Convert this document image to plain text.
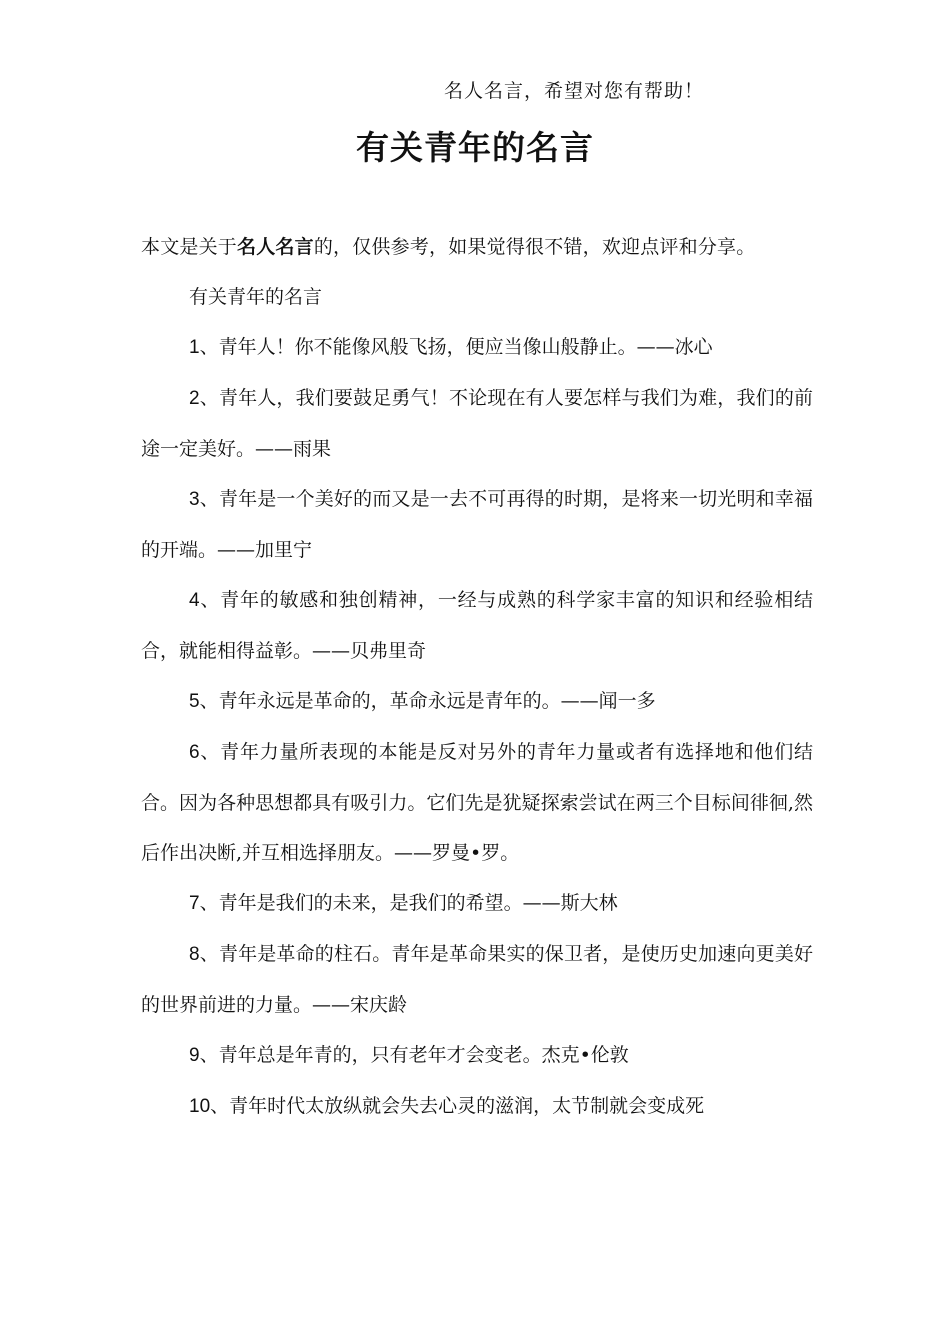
名人名言，希望对您有帮助！
有关青年的名言

本文是关于名人名言的，仅供参考，如果觉得很不错，欢迎点评和分享。

有关青年的名言

1、青年人！你不能像风般飞扬，便应当像山般静止。——冰心

2、青年人，我们要鼓足勇气！不论现在有人要怎样与我们为难，我们的前途一定美好。——雨果

3、青年是一个美好的而又是一去不可再得的时期，是将来一切光明和幸福的开端。——加里宁

4、青年的敏感和独创精神，一经与成熟的科学家丰富的知识和经验相结合，就能相得益彰。——贝弗里奇

5、青年永远是革命的，革命永远是青年的。——闻一多

6、青年力量所表现的本能是反对另外的青年力量或者有选择地和他们结合。因为各种思想都具有吸引力。它们先是犹疑探索尝试在两三个目标间徘徊,然后作出决断,并互相选择朋友。——罗曼•罗。

7、青年是我们的未来，是我们的希望。——斯大林

8、青年是革命的柱石。青年是革命果实的保卫者，是使历史加速向更美好的世界前进的力量。——宋庆龄

9、青年总是年青的，只有老年才会变老。杰克•伦敦

10、青年时代太放纵就会失去心灵的滋润，太节制就会变成死
